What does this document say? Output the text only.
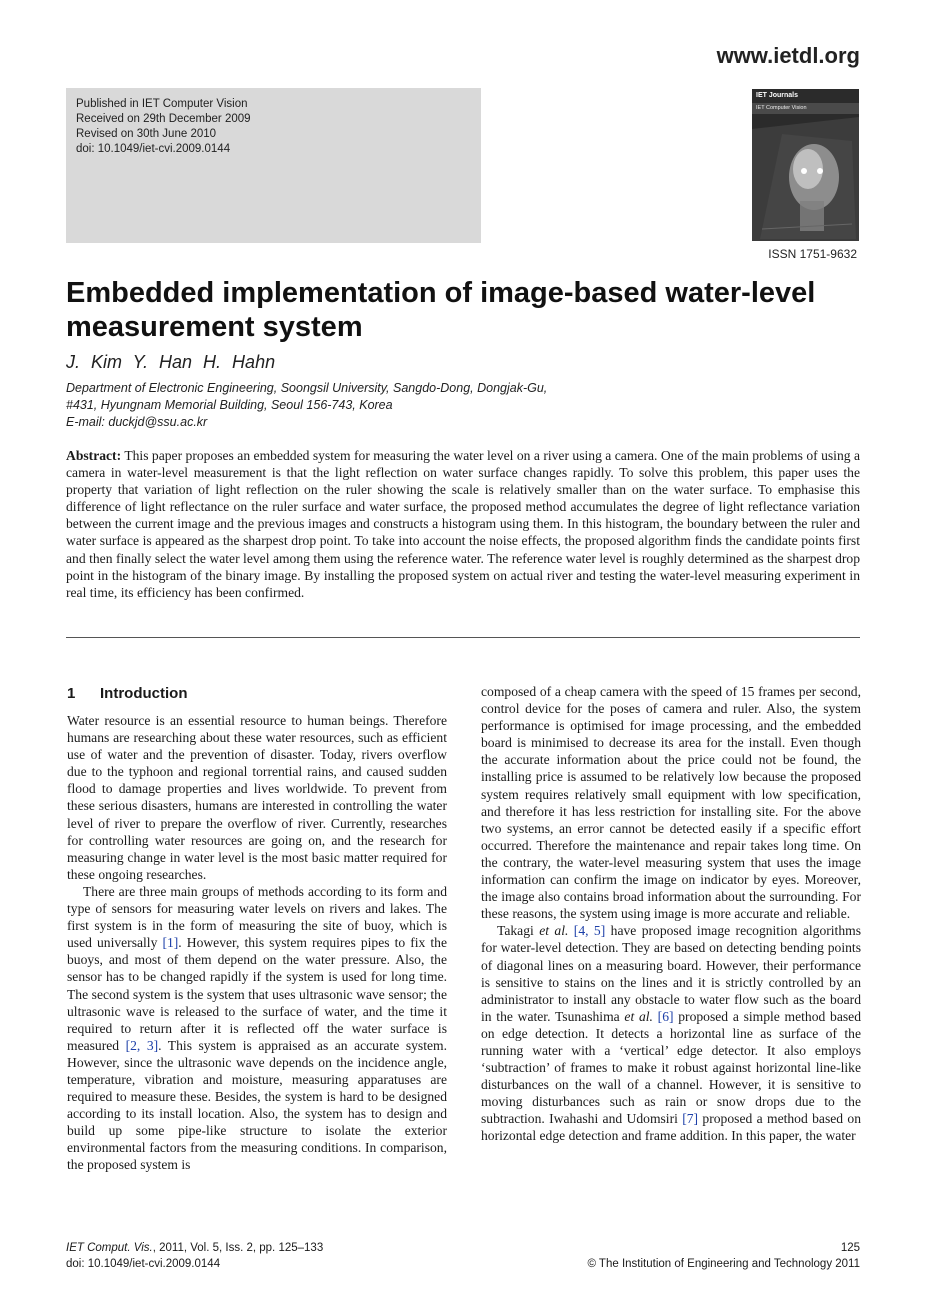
www.ietdl.org
Published in IET Computer Vision
Received on 29th December 2009
Revised on 30th June 2010
doi: 10.1049/iet-cvi.2009.0144
IET Journals
IET Computer Vision
ISSN 1751-9632
Embedded implementation of image-based water-level measurement system
J. Kim Y. Han H. Hahn
Department of Electronic Engineering, Soongsil University, Sangdo-Dong, Dongjak-Gu,
#431, Hyungnam Memorial Building, Seoul 156-743, Korea
E-mail: duckjd@ssu.ac.kr

Abstract: This paper proposes an embedded system for measuring the water level on a river using a camera. One of the main problems of using a camera in water-level measurement is that the light reflection on water surface changes rapidly. To solve this problem, this paper uses the property that variation of light reflection on the ruler showing the scale is relatively smaller than on the water surface. To emphasise this difference of light reflectance on the ruler surface and water surface, the proposed method accumulates the degree of light reflectance variation between the current image and the previous images and constructs a histogram using them. In this histogram, the boundary between the ruler and water surface is appeared as the sharpest drop point. To take into account the noise effects, the proposed algorithm finds the candidate points first and then finally select the water level among them using the reference water. The reference water level is roughly determined as the sharpest drop point in the histogram of the binary image. By installing the proposed system on actual river and testing the water-level measuring experiment in real time, its efficiency has been confirmed.

1 Introduction

Water resource is an essential resource to human beings. Therefore humans are researching about these water resources, such as efficient use of water and the prevention of disaster. Today, rivers overflow due to the typhoon and regional torrential rains, and caused sudden flood to damage properties and lives worldwide. To prevent from these serious disasters, humans are interested in controlling the water level of river to prepare the overflow of river. Currently, researches for controlling water resources are going on, and the research for measuring change in water level is the most basic matter required for these ongoing researches.

There are three main groups of methods according to its form and type of sensors for measuring water levels on rivers and lakes. The first system is in the form of measuring the site of buoy, which is used universally [1]. However, this system requires pipes to fix the buoys, and most of them depend on the water pressure. Also, the sensor has to be changed rapidly if the system is used for long time. The second system is the system that uses ultrasonic wave sensor; the ultrasonic wave is released to the surface of water, and the time it required to return after it is reflected off the water surface is measured [2, 3]. This system is appraised as an accurate system. However, since the ultrasonic wave depends on the incidence angle, temperature, vibration and moisture, measuring apparatuses are required to measure these. Besides, the system is hard to be designed according to its install location. Also, the system has to design and build up some pipe-like structure to isolate the exterior environmental factors from the measuring conditions. In comparison, the proposed system is

composed of a cheap camera with the speed of 15 frames per second, control device for the poses of camera and ruler. Also, the system performance is optimised for image processing, and the embedded board is minimised to decrease its area for the install. Even though the accurate information about the price could not be found, the installing price is assumed to be relatively low because the proposed system requires relatively small equipment with low specification, and therefore it has less restriction for installing site. For the above two systems, an error cannot be detected easily if a specific effort occurred. Therefore the maintenance and repair takes long time. On the contrary, the water-level measuring system that uses the image information can confirm the image on indicator by eyes. Moreover, the image also contains broad information about the surrounding. For these reasons, the system using image is more accurate and reliable.

Takagi et al. [4, 5] have proposed image recognition algorithms for water-level detection. They are based on detecting bending points of diagonal lines on a measuring board. However, their performance is sensitive to stains on the lines and it is strictly controlled by an administrator to install any obstacle to water flow such as the board in the water. Tsunashima et al. [6] proposed a simple method based on edge detection. It detects a horizontal line as surface of the running water with a ‘vertical’ edge detector. It also employs ‘subtraction’ of frames to make it robust against horizontal line-like disturbances on the wall of a channel. However, it is sensitive to moving disturbances such as rain or snow drops due to the subtraction. Iwahashi and Udomsiri [7] proposed a method based on horizontal edge detection and frame addition. In this paper, the water

IET Comput. Vis., 2011, Vol. 5, Iss. 2, pp. 125–133
doi: 10.1049/iet-cvi.2009.0144
125
© The Institution of Engineering and Technology 2011
